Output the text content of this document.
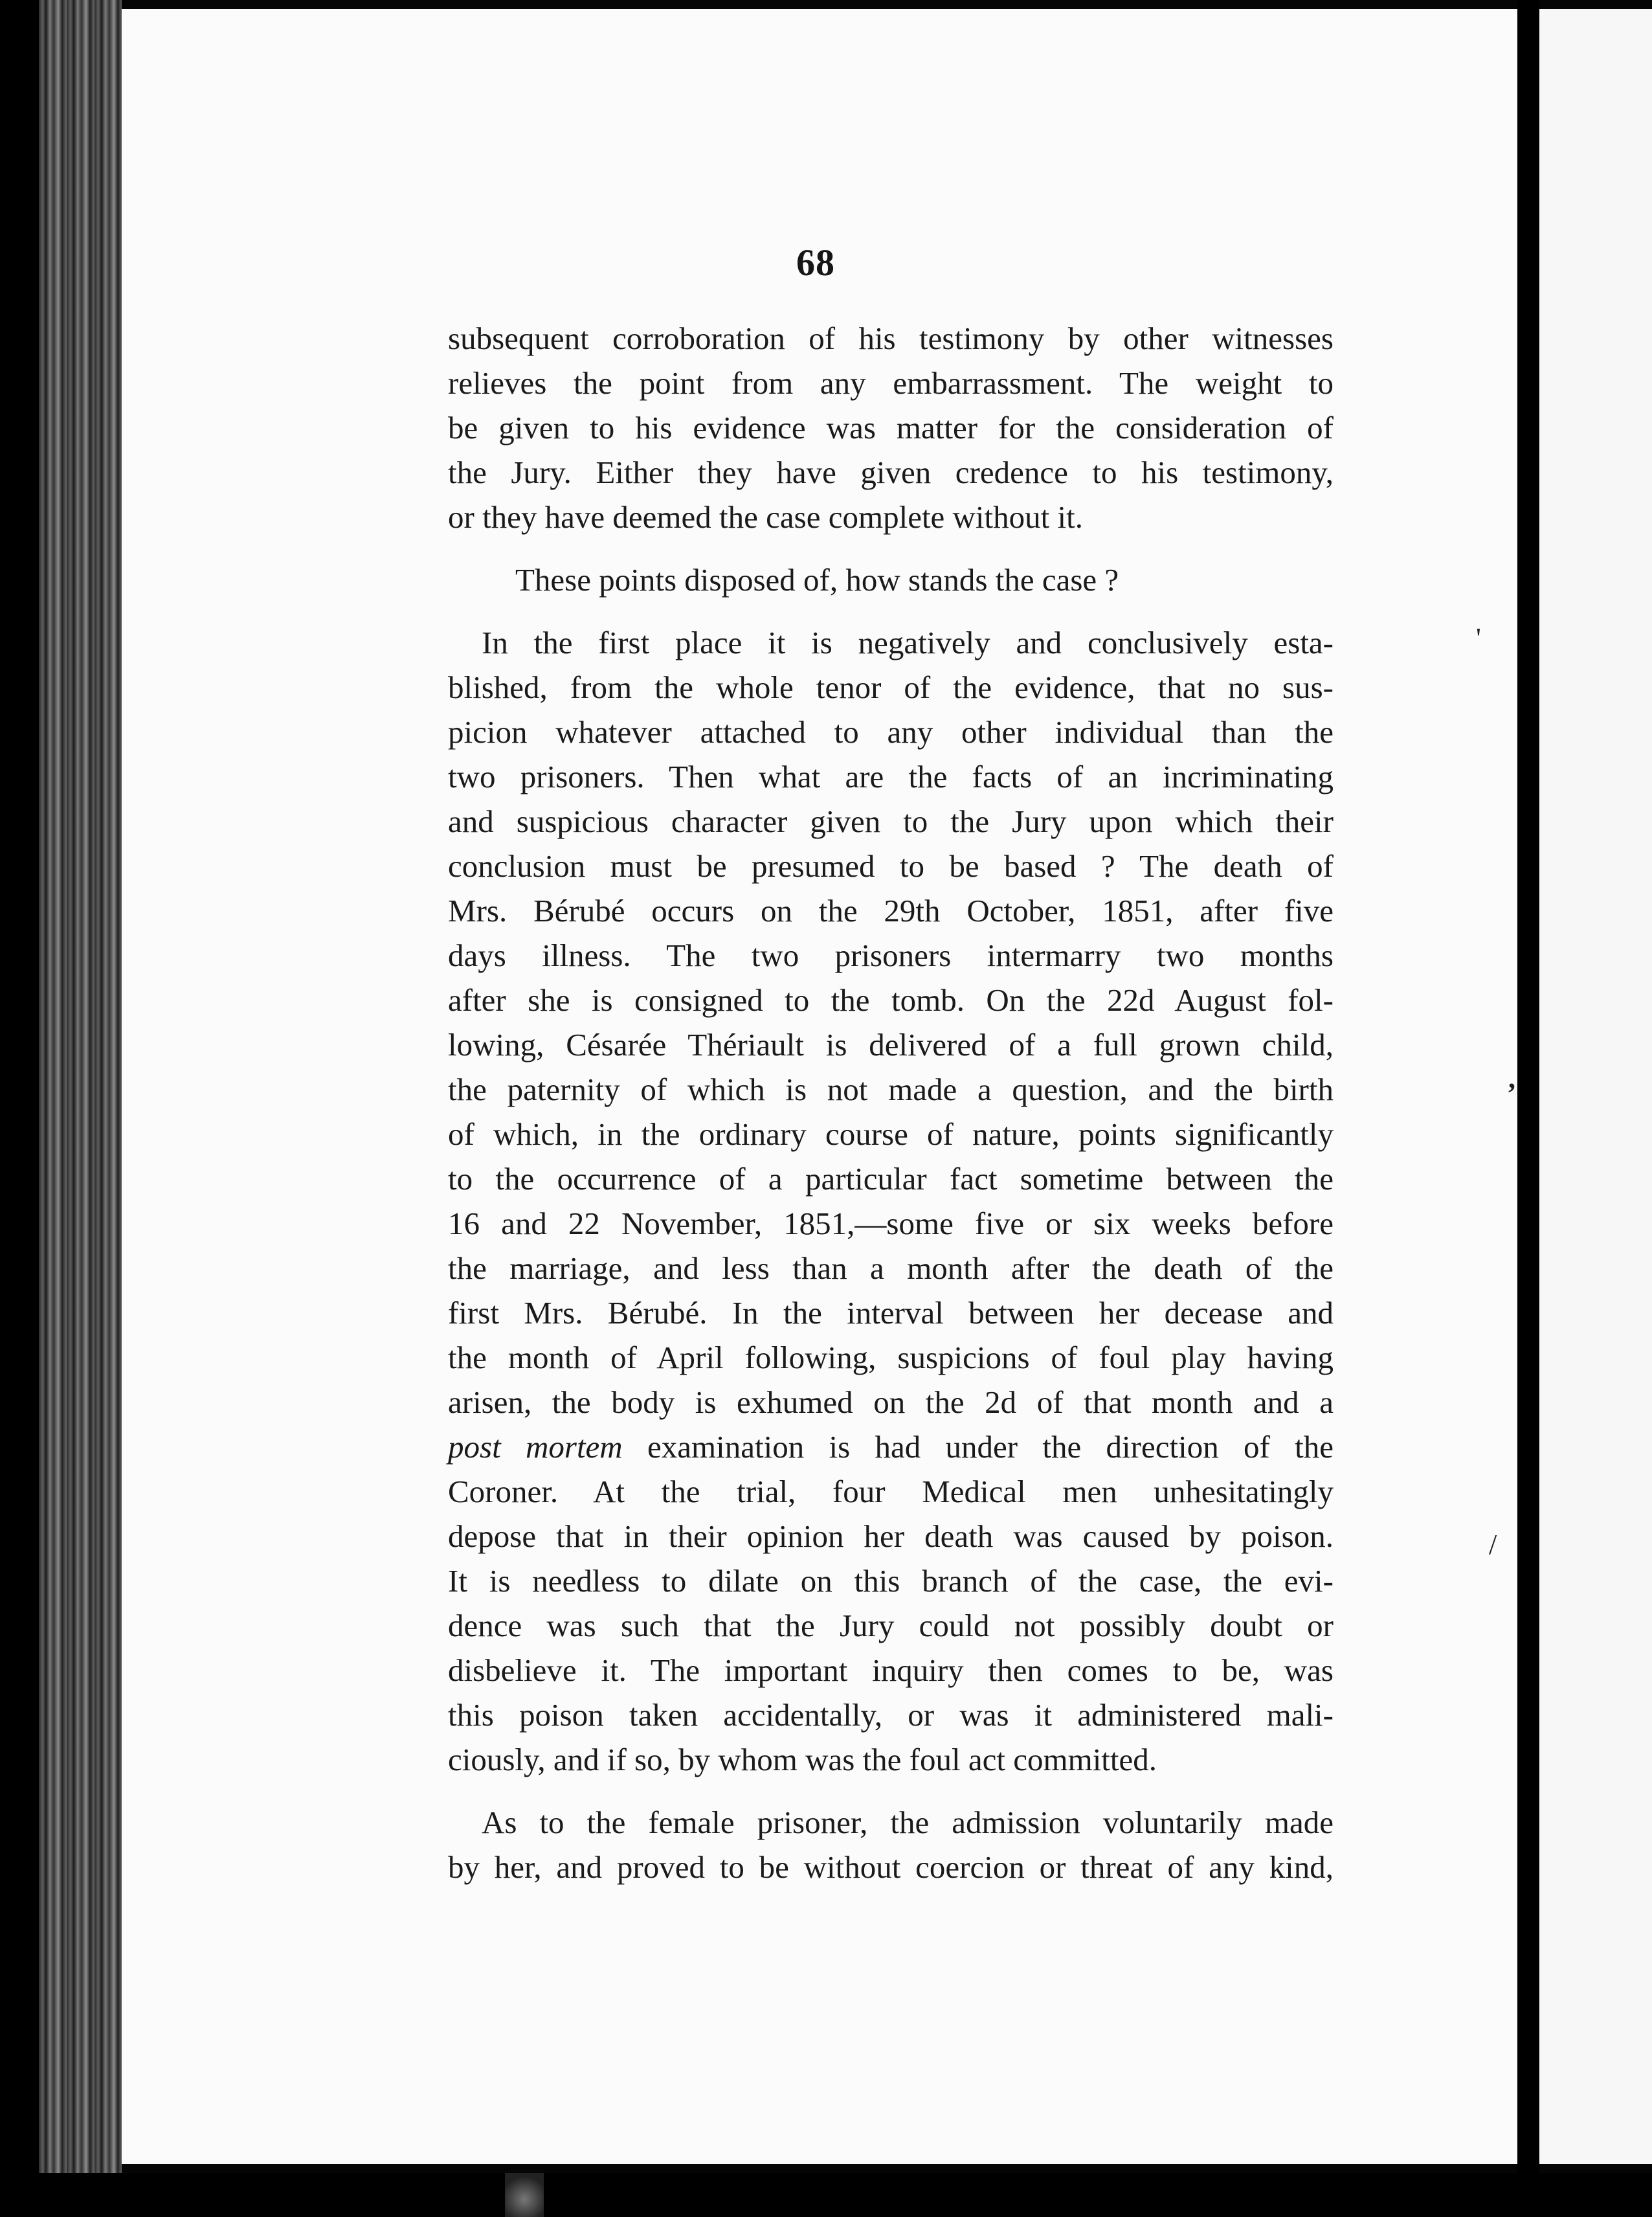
68

subsequent corroboration of his testimony by other witnesses
relieves the point from any embarrassment. The weight to
be given to his evidence was matter for the consideration of
the Jury. Either they have given credence to his testimony,
or they have deemed the case complete without it.

These points disposed of, how stands the case ?

In the first place it is negatively and conclusively esta-
blished, from the whole tenor of the evidence, that no sus-
picion whatever attached to any other individual than the
two prisoners. Then what are the facts of an incriminating
and suspicious character given to the Jury upon which their
conclusion must be presumed to be based ? The death of
Mrs. Bérubé occurs on the 29th October, 1851, after five
days illness. The two prisoners intermarry two months
after she is consigned to the tomb. On the 22d August fol-
lowing, Césarée Thériault is delivered of a full grown child,
the paternity of which is not made a question, and the birth
of which, in the ordinary course of nature, points significantly
to the occurrence of a particular fact sometime between the
16 and 22 November, 1851,—some five or six weeks before
the marriage, and less than a month after the death of the
first Mrs. Bérubé. In the interval between her decease and
the month of April following, suspicions of foul play having
arisen, the body is exhumed on the 2d of that month and a
post mortem examination is had under the direction of the
Coroner. At the trial, four Medical men unhesitatingly
depose that in their opinion her death was caused by poison.
It is needless to dilate on this branch of the case, the evi-
dence was such that the Jury could not possibly doubt or
disbelieve it. The important inquiry then comes to be, was
this poison taken accidentally, or was it administered mali-
ciously, and if so, by whom was the foul act committed.

As to the female prisoner, the admission voluntarily made
by her, and proved to be without coercion or threat of any kind,

'
,
/
